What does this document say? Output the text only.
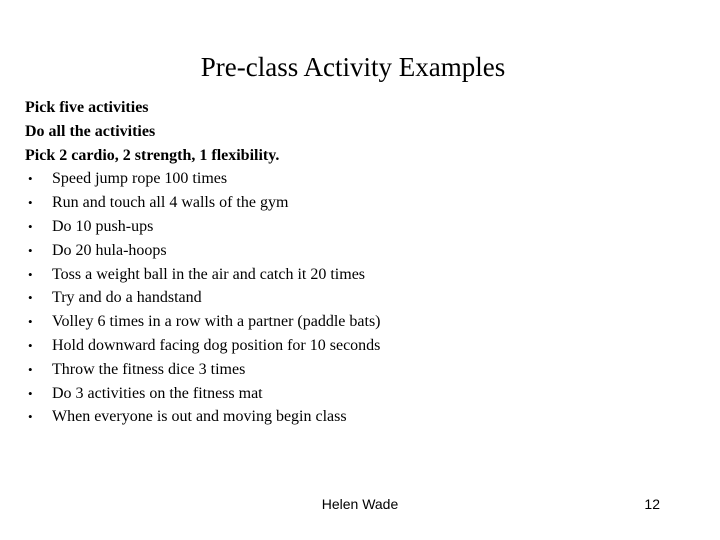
Pre-class Activity Examples
Pick five activities
Do all the activities
Pick 2 cardio, 2 strength, 1 flexibility.
• Speed jump rope 100 times
• Run and touch all 4 walls of the gym
• Do 10 push-ups
• Do 20 hula-hoops
• Toss a weight ball in the air and catch it 20 times
• Try and do a handstand
• Volley 6 times in a row with a partner (paddle bats)
• Hold downward facing dog position for 10 seconds
• Throw the fitness dice 3 times
• Do 3 activities on the fitness mat
• When everyone is out and moving begin class
Helen Wade	12
